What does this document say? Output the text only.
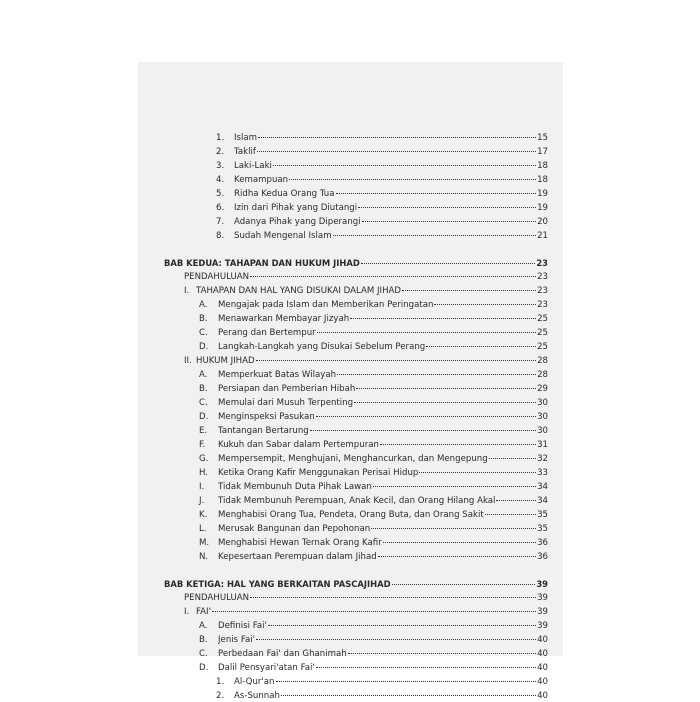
1.	Islam	15
2.	Taklif	17
3.	Laki-Laki	18
4.	Kemampuan	18
5.	Ridha Kedua Orang Tua	19
6.	Izin dari Pihak yang Diutangi	19
7.	Adanya Pihak yang Diperangi	20
8.	Sudah Mengenal Islam	21
BAB KEDUA: TAHAPAN DAN HUKUM JIHAD	23
PENDAHULUAN	23
I. TAHAPAN DAN HAL YANG DISUKAI DALAM JIHAD	23
A.	Mengajak pada Islam dan Memberikan Peringatan	23
B.	Menawarkan Membayar Jizyah	25
C.	Perang dan Bertempur	25
D.	Langkah-Langkah yang Disukai Sebelum Perang	25
II. HUKUM JIHAD	28
A.	Memperkuat Batas Wilayah	28
B.	Persiapan dan Pemberian Hibah	29
C.	Memulai dari Musuh Terpenting	30
D.	Menginspeksi Pasukan	30
E.	Tantangan Bertarung	30
F.	Kukuh dan Sabar dalam Pertempuran	31
G.	Mempersempit, Menghujani, Menghancurkan, dan Mengepung	32
H.	Ketika Orang Kafir Menggunakan Perisai Hidup	33
I.	Tidak Membunuh Duta Pihak Lawan	34
J.	Tidak Membunuh Perempuan, Anak Kecil, dan Orang Hilang Akal	34
K.	Menghabisi Orang Tua, Pendeta, Orang Buta, dan Orang Sakit	35
L.	Merusak Bangunan dan Pepohonan	35
M.	Menghabisi Hewan Ternak Orang Kafir	36
N.	Kepesertaan Perempuan dalam Jihad	36
BAB KETIGA: HAL YANG BERKAITAN PASCAJIHAD	39
PENDAHULUAN	39
I. FAI'	39
A.	Definisi Fai'	39
B.	Jenis Fai'	40
C.	Perbedaan Fai' dan Ghanimah	40
D.	Dalil Pensyari'atan Fai'	40
1.	Al-Qur'an	40
2.	As-Sunnah	40
